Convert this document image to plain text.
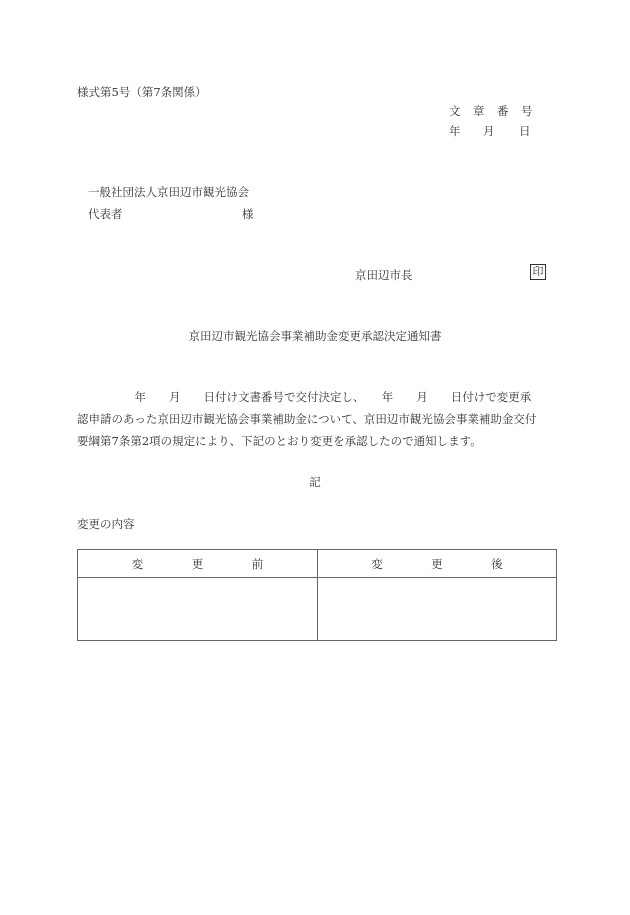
様式第5号（第7条関係）
文 章 番 号
年 月 日
一般社団法人京田辺市観光協会
代表者	様
京田辺市長	印
京田辺市観光協会事業補助金変更承認決定通知書
　　　　　年　　月　　日付け文書番号で交付決定し、　　年　　月　　日付けで変更承
認申請のあった京田辺市観光協会事業補助金について、京田辺市観光協会事業補助金交付
要綱第7条第2項の規定により、下記のとおり変更を承認したので通知します。
記
変更の内容
変 更 前	変 更 後
